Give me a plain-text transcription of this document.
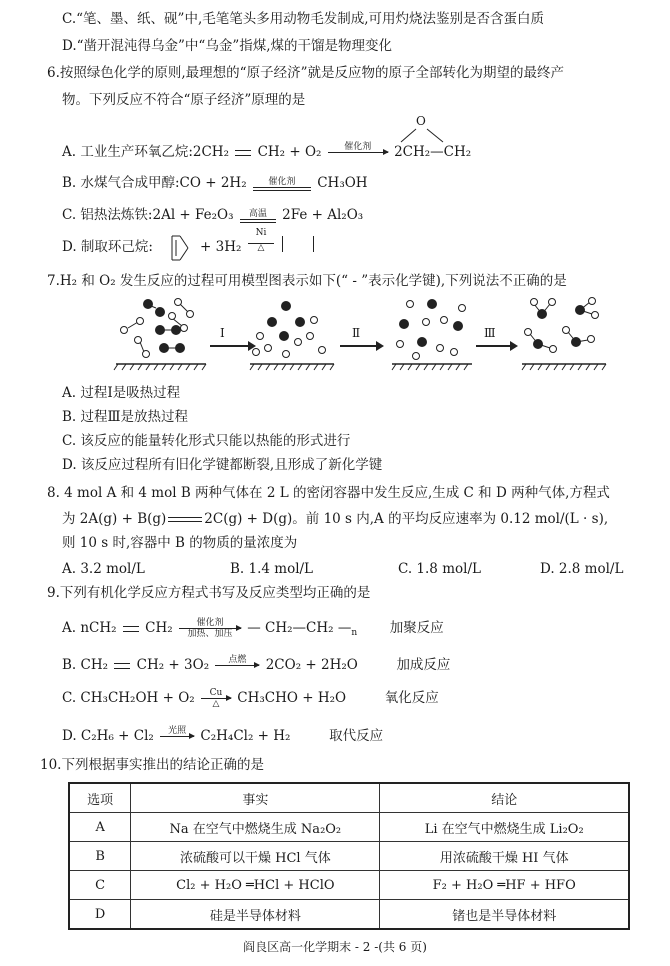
C.“笔、墨、纸、砚”中,毛笔笔头多用动物毛发制成,可用灼烧法鉴别是否含蛋白质
D.“凿开混沌得乌金”中“乌金”指煤,煤的干馏是物理变化
6.按照绿色化学的原则,最理想的“原子经济”就是反应物的原子全部转化为期望的最终产
物。下列反应不符合“原子经济”原理的是
A. 工业生产环氧乙烷:2CH₂ CH₂ + O₂	催化剂
	2CH₂—CH₂
O
B. 水煤气合成甲醇:CO + 2H₂	催化剂	CH₃OH
C. 铝热法炼铁:2Al + Fe₂O₃	高温	2Fe + Al₂O₃
D. 制取环己烷:	+ 3H₂
Ni
△
7.H₂ 和 O₂ 发生反应的过程可用模型图表示如下(“ - ”表示化学键),下列说法不正确的是
Ⅰ	Ⅱ	Ⅲ
A. 过程Ⅰ是吸热过程
B. 过程Ⅲ是放热过程
C. 该反应的能量转化形式只能以热能的形式进行
D. 该反应过程所有旧化学键都断裂,且形成了新化学键
8. 4 mol A 和 4 mol B 两种气体在 2 L 的密闭容器中发生反应,生成 C 和 D 两种气体,方程式
为 2A(g) + B(g)	2C(g) + D(g)。前 10 s 内,A 的平均反应速率为 0.12 mol/(L · s),
则 10 s 时,容器中 B 的物质的量浓度为
A. 3.2 mol/L	B. 1.4 mol/L	C. 1.8 mol/L	D. 2.8 mol/L
9.下列有机化学反应方程式书写及反应类型均正确的是
A. nCH₂ CH₂	催化剂
加热、加压	— CH₂—CH₂ $—_n$ 加聚反应
B. CH₂ CH₂ + 3O₂	点燃
	2CO₂ + 2H₂O	加成反应
C. CH₃CH₂OH + O₂	Cu
△	CH₃CHO + H₂O	氧化反应
D. C₂H₆ + Cl₂	光照
	C₂H₄Cl₂ + H₂	取代反应
10.下列根据事实推出的结论正确的是
选项	事实	结论
A	Na 在空气中燃烧生成 Na₂O₂	Li 在空气中燃烧生成 Li₂O₂
B	浓硫酸可以干燥 HCl 气体	用浓硫酸干燥 HI 气体
C	Cl₂ + H₂O ═HCl + HClO	F₂ + H₂O ═HF + HFO
D	硅是半导体材料	锗也是半导体材料
阎良区高一化学期末 - 2 -(共 6 页)
